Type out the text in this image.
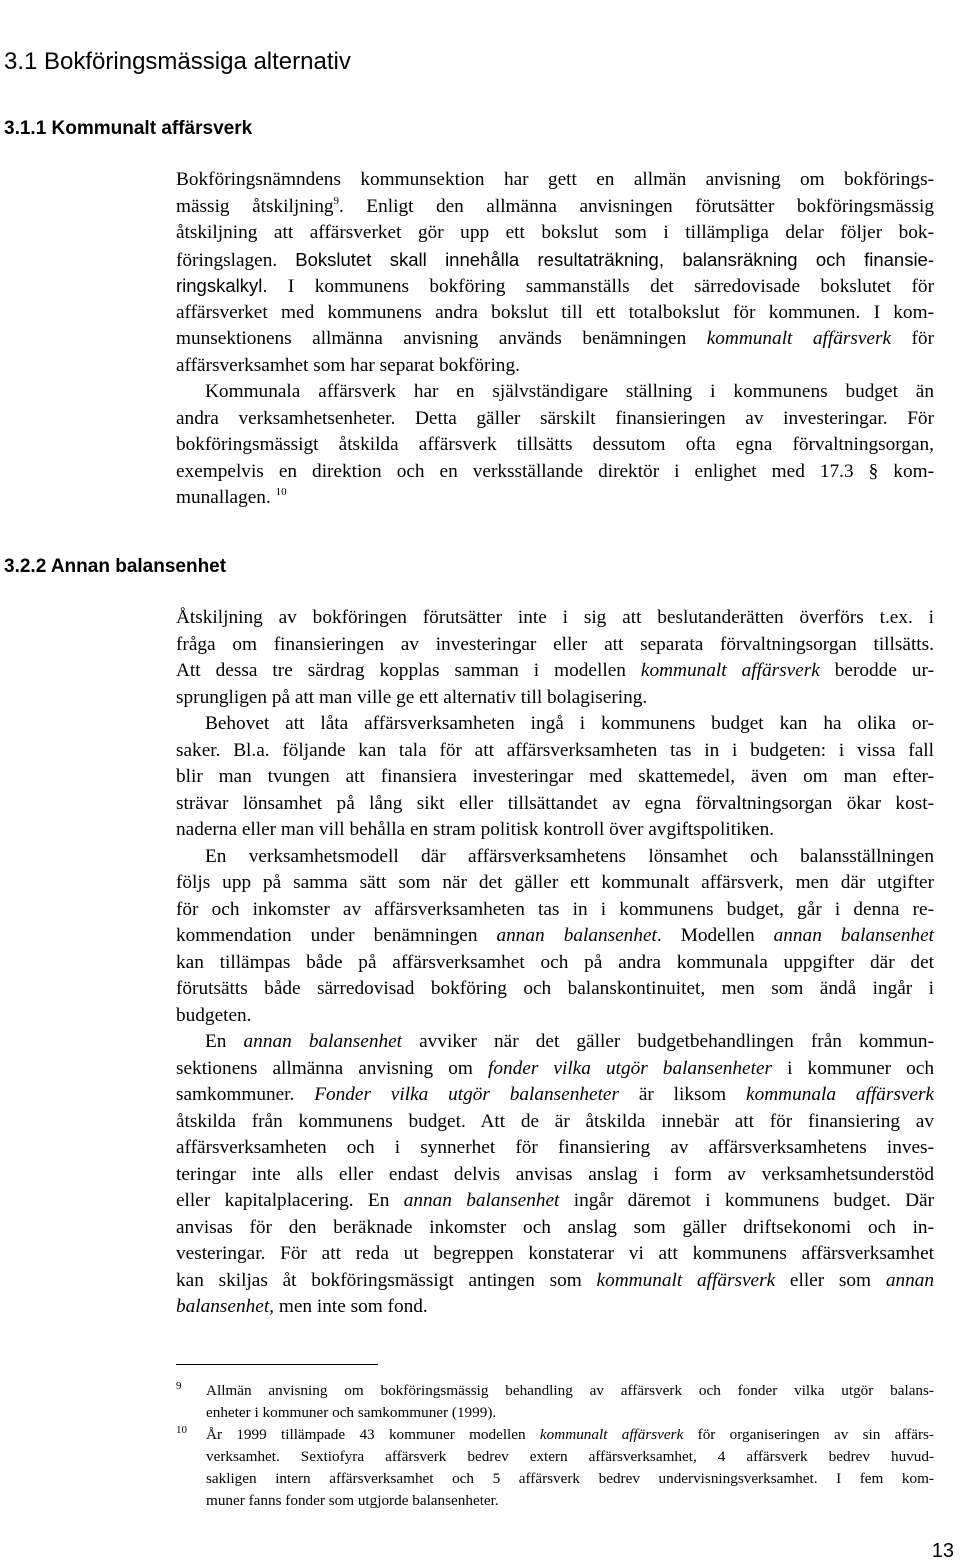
3.1 Bokföringsmässiga alternativ
3.1.1 Kommunalt affärsverk
Bokföringsnämndens kommunsektion har gett en allmän anvisning om bokförings-
mässig åtskiljning$^9$. Enligt den allmänna anvisningen förutsätter bokföringsmässig
åtskiljning att affärsverket gör upp ett bokslut som i tillämpliga delar följer bok-
föringslagen. Bokslutet skall innehålla resultaträkning, balansräkning och finansie-
ringskalkyl. I kommunens bokföring sammanställs det särredovisade bokslutet för
affärsverket med kommunens andra bokslut till ett totalbokslut för kommunen. I kom-
munsektionens allmänna anvisning används benämningen kommunalt affärsverk för
affärsverksamhet som har separat bokföring.
Kommunala affärsverk har en självständigare ställning i kommunens budget än
andra verksamhetsenheter. Detta gäller särskilt finansieringen av investeringar. För
bokföringsmässigt åtskilda affärsverk tillsätts dessutom ofta egna förvaltningsorgan,
exempelvis en direktion och en verksställande direktör i enlighet med 17.3 § kom-
munallagen. $^{10}$
3.2.2 Annan balansenhet
Åtskiljning av bokföringen förutsätter inte i sig att beslutanderätten överförs t.ex. i
fråga om finansieringen av investeringar eller att separata förvaltningsorgan tillsätts.
Att dessa tre särdrag kopplas samman i modellen kommunalt affärsverk berodde ur-
sprungligen på att man ville ge ett alternativ till bolagisering.
Behovet att låta affärsverksamheten ingå i kommunens budget kan ha olika or-
saker. Bl.a. följande kan tala för att affärsverksamheten tas in i budgeten: i vissa fall
blir man tvungen att finansiera investeringar med skattemedel, även om man efter-
strävar lönsamhet på lång sikt eller tillsättandet av egna förvaltningsorgan ökar kost-
naderna eller man vill behålla en stram politisk kontroll över avgiftspolitiken.
En verksamhetsmodell där affärsverksamhetens lönsamhet och balansställningen
följs upp på samma sätt som när det gäller ett kommunalt affärsverk, men där utgifter
för och inkomster av affärsverksamheten tas in i kommunens budget, går i denna re-
kommendation under benämningen annan balansenhet. Modellen annan balansenhet
kan tillämpas både på affärsverksamhet och på andra kommunala uppgifter där det
förutsätts både särredovisad bokföring och balanskontinuitet, men som ändå ingår i
budgeten.
En annan balansenhet avviker när det gäller budgetbehandlingen från kommun-
sektionens allmänna anvisning om fonder vilka utgör balansenheter i kommuner och
samkommuner. Fonder vilka utgör balansenheter är liksom kommunala affärsverk
åtskilda från kommunens budget. Att de är åtskilda innebär att för finansiering av
affärsverksamheten och i synnerhet för finansiering av affärsverksamhetens inves-
teringar inte alls eller endast delvis anvisas anslag i form av verksamhetsunderstöd
eller kapitalplacering. En annan balansenhet ingår däremot i kommunens budget. Där
anvisas för den beräknade inkomster och anslag som gäller driftsekonomi och in-
vesteringar. För att reda ut begreppen konstaterar vi att kommunens affärsverksamhet
kan skiljas åt bokföringsmässigt antingen som kommunalt affärsverk eller som annan
balansenhet, men inte som fond.
9 Allmän anvisning om bokföringsmässig behandling av affärsverk och fonder vilka utgör balans-
enheter i kommuner och samkommuner (1999).
10 År 1999 tillämpade 43 kommuner modellen kommunalt affärsverk för organiseringen av sin affärs-
verksamhet. Sextiofyra affärsverk bedrev extern affärsverksamhet, 4 affärsverk bedrev huvud-
sakligen intern affärsverksamhet och 5 affärsverk bedrev undervisningsverksamhet. I fem kom-
muner fanns fonder som utgjorde balansenheter.
13
